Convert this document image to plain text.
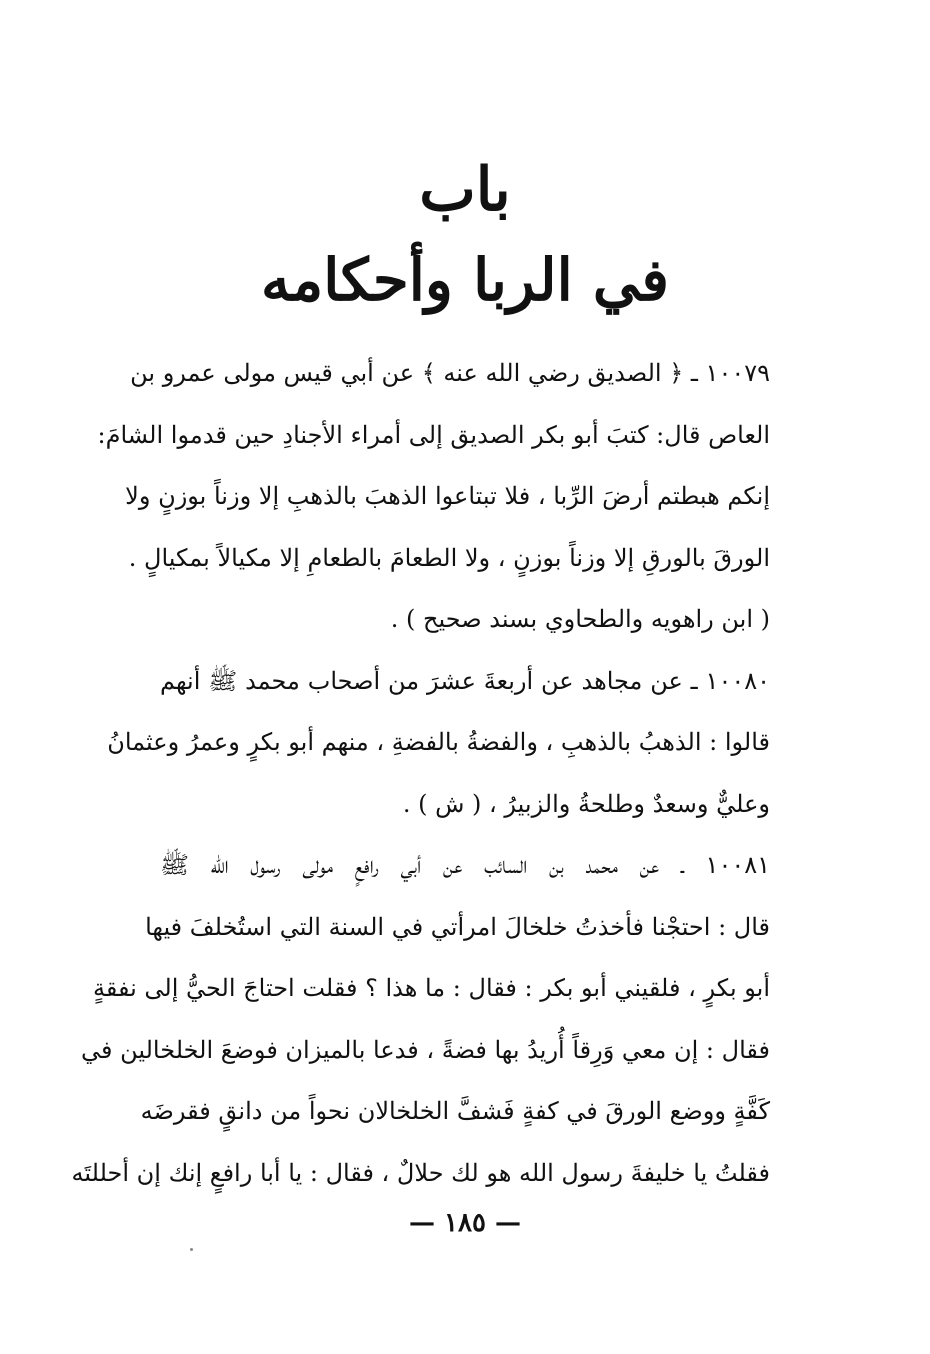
باب
في الربا وأحكامه
١٠٠٧٩ ـ ﴿ الصديق رضي الله عنه ﴾ عن أبي قيس مولى عمرو بن
العاص قال: كتبَ أبو بكر الصديق إلى أمراء الأجنادِ حين قدموا الشامَ:
إنكم هبطتم أرضَ الرِّبا ، فلا تبتاعوا الذهبَ بالذهبِ إلا وزناً بوزنٍ ولا
الورقَ بالورقِ إلا وزناً بوزنٍ ، ولا الطعامَ بالطعامِ إلا مكيالاً بمكيالٍ .
( ابن راهويه والطحاوي بسند صحيح ) .
١٠٠٨٠ ـ عن مجاهد عن أربعةَ عشرَ من أصحاب محمد ﷺ أنهم
قالوا : الذهبُ بالذهبِ ، والفضةُ بالفضةِ ، منهم أبو بكرٍ وعمرُ وعثمانُ
وعليٌّ وسعدٌ وطلحةُ والزبيرُ ، ( ش ) .
١٠٠٨١ ـ عن محمد بن السائب عن أبي رافعٍ مولى رسول الله ﷺ
قال : احتجْنا فأخذتُ خلخالَ امرأتي في السنة التي استُخلفَ فيها
أبو بكرٍ ، فلقيني أبو بكر : فقال : ما هذا ؟ فقلت احتاجَ الحيُّ إلى نفقةٍ
فقال : إن معي وَرِقاً أُريدُ بها فضةً ، فدعا بالميزان فوضعَ الخلخالين في
كَفَّةٍ ووضع الورقَ في كفةٍ فَشفَّ الخلخالان نحواً من دانقٍ فقرضَه
فقلتُ يا خليفةَ رسول الله هو لك حلالٌ ، فقال : يا أبا رافعٍ إنك إن أحللتَه
— ١٨٥ —
